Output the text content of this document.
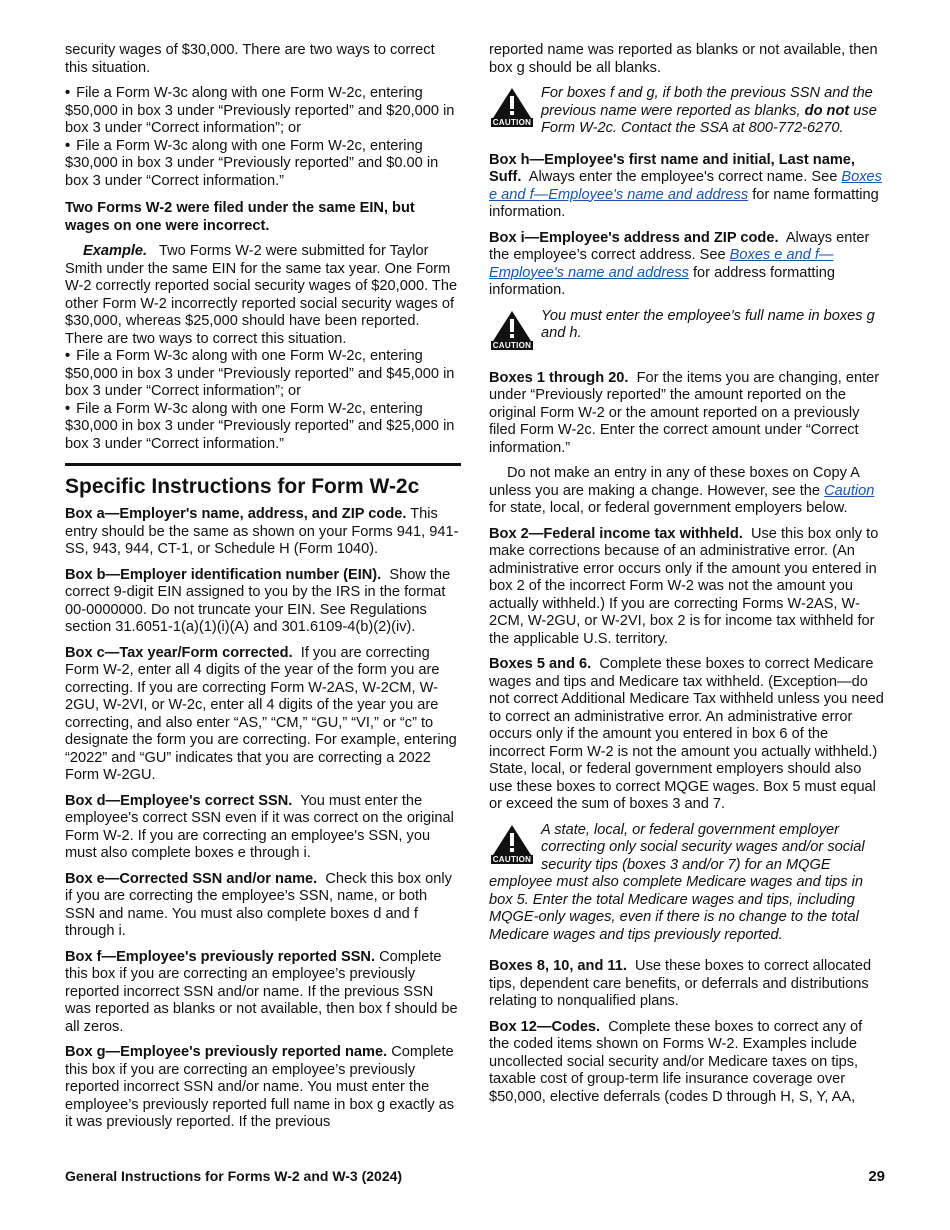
security wages of $30,000. There are two ways to correct this situation.

• File a Form W-3c along with one Form W-2c, entering $50,000 in box 3 under “Previously reported” and $20,000 in box 3 under “Correct information”; or

• File a Form W-3c along with one Form W-2c, entering $30,000 in box 3 under “Previously reported” and $0.00 in box 3 under “Correct information.”

Two Forms W-2 were filed under the same EIN, but wages on one were incorrect.

Example. Two Forms W-2 were submitted for Taylor Smith under the same EIN for the same tax year. One Form W-2 correctly reported social security wages of $20,000. The other Form W-2 incorrectly reported social security wages of $30,000, whereas $25,000 should have been reported. There are two ways to correct this situation.

• File a Form W-3c along with one Form W-2c, entering $50,000 in box 3 under “Previously reported” and $45,000 in box 3 under “Correct information”; or

• File a Form W-3c along with one Form W-2c, entering $30,000 in box 3 under “Previously reported” and $25,000 in box 3 under “Correct information.”

Specific Instructions for Form W-2c

Box a—Employer's name, address, and ZIP code. This entry should be the same as shown on your Forms 941, 941-SS, 943, 944, CT-1, or Schedule H (Form 1040).

Box b—Employer identification number (EIN). Show the correct 9-digit EIN assigned to you by the IRS in the format 00-0000000. Do not truncate your EIN. See Regulations section 31.6051-1(a)(1)(i)(A) and 301.6109-4(b)(2)(iv).

Box c—Tax year/Form corrected. If you are correcting Form W-2, enter all 4 digits of the year of the form you are correcting. If you are correcting Form W-2AS, W-2CM, W-2GU, W-2VI, or W-2c, enter all 4 digits of the year you are correcting, and also enter “AS,” “CM,” “GU,” “VI,” or “c” to designate the form you are correcting. For example, entering “2022” and “GU” indicates that you are correcting a 2022 Form W-2GU.

Box d—Employee's correct SSN. You must enter the employee's correct SSN even if it was correct on the original Form W-2. If you are correcting an employee's SSN, you must also complete boxes e through i.

Box e—Corrected SSN and/or name. Check this box only if you are correcting the employee's SSN, name, or both SSN and name. You must also complete boxes d and f through i.

Box f—Employee's previously reported SSN. Complete this box if you are correcting an employee’s previously reported incorrect SSN and/or name. If the previous SSN was reported as blanks or not available, then box f should be all zeros.

Box g—Employee's previously reported name. Complete this box if you are correcting an employee’s previously reported incorrect SSN and/or name. You must enter the employee’s previously reported full name in box g exactly as it was previously reported. If the previous

reported name was reported as blanks or not available, then box g should be all blanks.

CAUTION
For boxes f and g, if both the previous SSN and the previous name were reported as blanks, do not use Form W-2c. Contact the SSA at 800-772-6270.

Box h—Employee's first name and initial, Last name, Suff. Always enter the employee's correct name. See Boxes e and f—Employee's name and address for name formatting information.

Box i—Employee's address and ZIP code. Always enter the employee’s correct address. See Boxes e and f—Employee's name and address for address formatting information.

CAUTION
You must enter the employee's full name in boxes g and h.

Boxes 1 through 20. For the items you are changing, enter under “Previously reported” the amount reported on the original Form W-2 or the amount reported on a previously filed Form W-2c. Enter the correct amount under “Correct information.”

Do not make an entry in any of these boxes on Copy A unless you are making a change. However, see the Caution for state, local, or federal government employers below.

Box 2—Federal income tax withheld. Use this box only to make corrections because of an administrative error. (An administrative error occurs only if the amount you entered in box 2 of the incorrect Form W-2 was not the amount you actually withheld.) If you are correcting Forms W-2AS, W-2CM, W-2GU, or W-2VI, box 2 is for income tax withheld for the applicable U.S. territory.

Boxes 5 and 6. Complete these boxes to correct Medicare wages and tips and Medicare tax withheld. (Exception—do not correct Additional Medicare Tax withheld unless you need to correct an administrative error. An administrative error occurs only if the amount you entered in box 6 of the incorrect Form W-2 is not the amount you actually withheld.) State, local, or federal government employers should also use these boxes to correct MQGE wages. Box 5 must equal or exceed the sum of boxes 3 and 7.

CAUTION
A state, local, or federal government employer correcting only social security wages and/or social security tips (boxes 3 and/or 7) for an MQGE employee must also complete Medicare wages and tips in box 5. Enter the total Medicare wages and tips, including MQGE-only wages, even if there is no change to the total Medicare wages and tips previously reported.

Boxes 8, 10, and 11. Use these boxes to correct allocated tips, dependent care benefits, or deferrals and distributions relating to nonqualified plans.

Box 12—Codes. Complete these boxes to correct any of the coded items shown on Forms W-2. Examples include uncollected social security and/or Medicare taxes on tips, taxable cost of group-term life insurance coverage over $50,000, elective deferrals (codes D through H, S, Y, AA,

General Instructions for Forms W-2 and W-3 (2024)	29
